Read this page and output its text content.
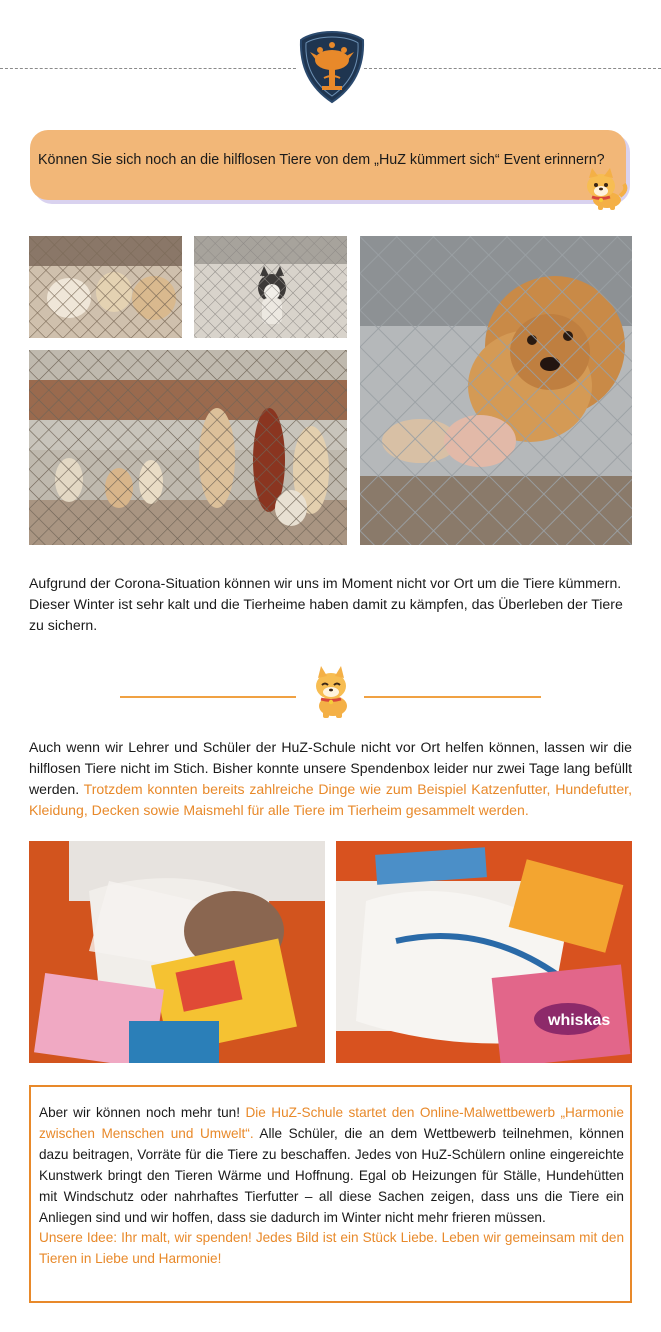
Können Sie sich noch an die hilflosen Tiere von dem „HuZ kümmert sich“ Event erinnern?

Aufgrund der Corona-Situation können wir uns im Moment nicht vor Ort um die Tiere kümmern. Dieser Winter ist sehr kalt und die Tierheime haben damit zu kämpfen, das Überleben der Tiere zu sichern.

Auch wenn wir Lehrer und Schüler der HuZ-Schule nicht vor Ort helfen können, lassen wir die hilflosen Tiere nicht im Stich. Bisher konnte unsere Spendenbox leider nur zwei Tage lang befüllt werden. Trotzdem konnten bereits zahlreiche Dinge wie zum Beispiel Katzenfutter, Hundefutter, Kleidung, Decken sowie Maismehl für alle Tiere im Tierheim gesammelt werden.

whiskas

Aber wir können noch mehr tun! Die HuZ-Schule startet den Online-Malwettbewerb „Harmonie zwischen Menschen und Umwelt“. Alle Schüler, die an dem Wettbewerb teilnehmen, können dazu beitragen, Vorräte für die Tiere zu beschaffen. Jedes von HuZ-Schülern online eingereichte Kunstwerk bringt den Tieren Wärme und Hoffnung. Egal ob Heizungen für Ställe, Hundehütten mit Windschutz oder nahrhaftes Tierfutter – all diese Sachen zeigen, dass uns die Tiere ein Anliegen sind und wir hoffen, dass sie dadurch im Winter nicht mehr frieren müssen.
Unsere Idee: Ihr malt, wir spenden! Jedes Bild ist ein Stück Liebe. Leben wir gemeinsam mit den Tieren in Liebe und Harmonie!
